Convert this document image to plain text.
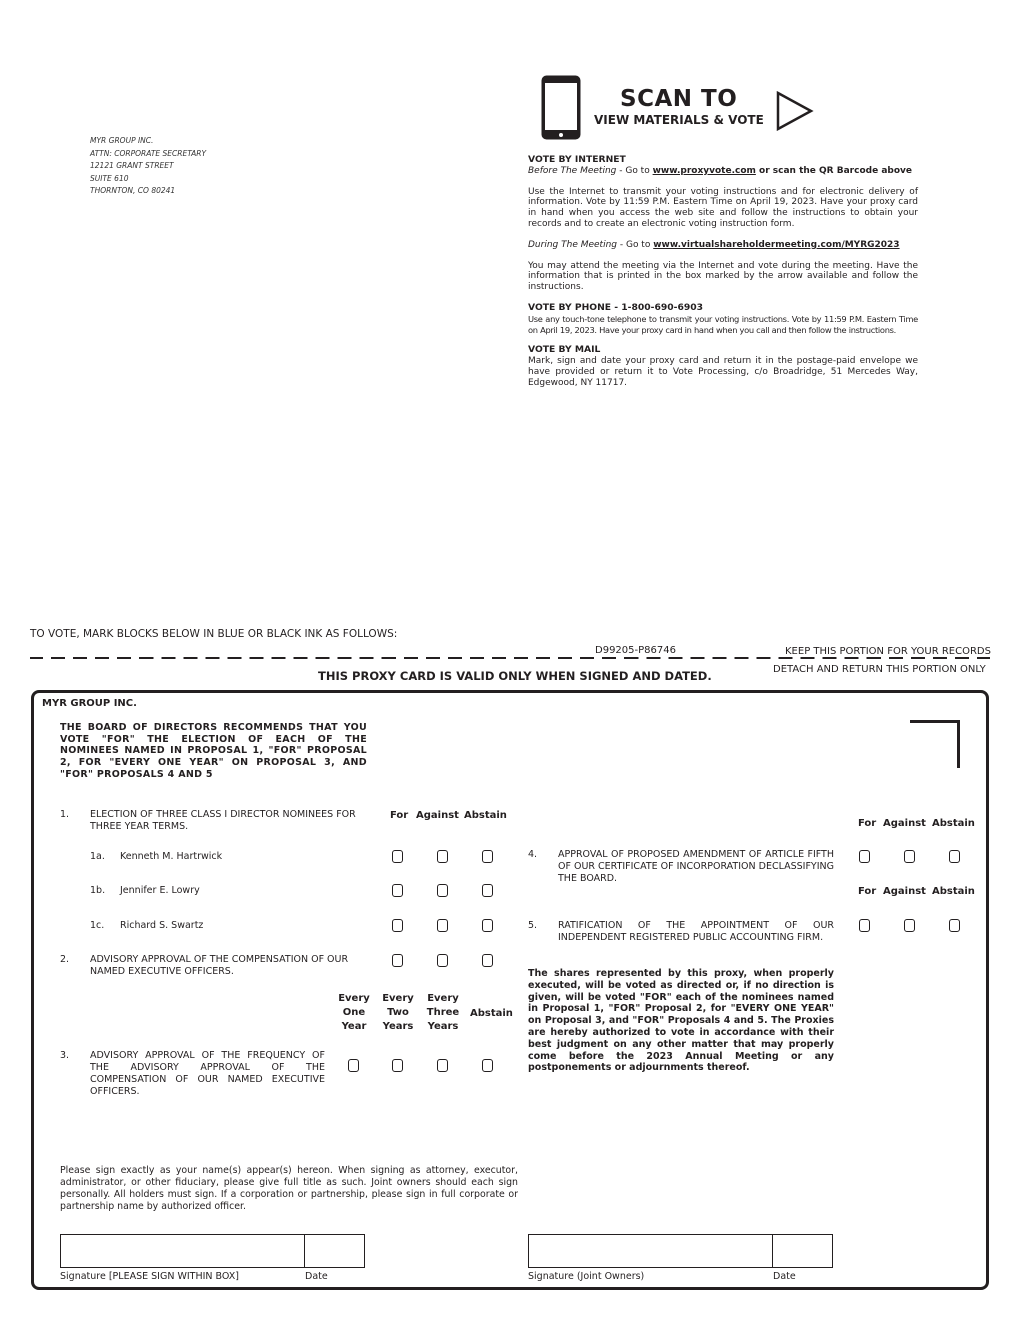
SCAN TO
VIEW MATERIALS & VOTE
MYR GROUP INC.
ATTN: CORPORATE SECRETARY
12121 GRANT STREET
SUITE 610
THORNTON, CO 80241
VOTE BY INTERNET

Before The Meeting - Go to www.proxyvote.com or scan the QR Barcode above

Use the Internet to transmit your voting instructions and for electronic delivery of information. Vote by 11:59 P.M. Eastern Time on April 19, 2023. Have your proxy card in hand when you access the web site and follow the instructions to obtain your records and to create an electronic voting instruction form.

During The Meeting - Go to www.virtualshareholdermeeting.com/MYRG2023

You may attend the meeting via the Internet and vote during the meeting. Have the information that is printed in the box marked by the arrow available and follow the instructions.

VOTE BY PHONE - 1-800-690-6903

Use any touch-tone telephone to transmit your voting instructions. Vote by 11:59 P.M. Eastern Time on April 19, 2023. Have your proxy card in hand when you call and then follow the instructions.

VOTE BY MAIL

Mark, sign and date your proxy card and return it in the postage-paid envelope we have provided or return it to Vote Processing, c/o Broadridge, 51 Mercedes Way, Edgewood, NY 11717.

TO VOTE, MARK BLOCKS BELOW IN BLUE OR BLACK INK AS FOLLOWS:
D99205-P86746	KEEP THIS PORTION FOR YOUR RECORDS
DETACH AND RETURN THIS PORTION ONLY
THIS PROXY CARD IS VALID ONLY WHEN SIGNED AND DATED.
MYR GROUP INC.
THE BOARD OF DIRECTORS RECOMMENDS THAT YOU VOTE "FOR" THE ELECTION OF EACH OF THE NOMINEES NAMED IN PROPOSAL 1, "FOR" PROPOSAL 2, FOR "EVERY ONE YEAR" ON PROPOSAL 3, AND "FOR" PROPOSALS 4 AND 5
1. ELECTION OF THREE CLASS I DIRECTOR NOMINEES FOR THREE YEAR TERMS.
For Against Abstain
1a. Kenneth M. Hartrwick
1b. Jennifer E. Lowry
1c. Richard S. Swartz
2. ADVISORY APPROVAL OF THE COMPENSATION OF OUR NAMED EXECUTIVE OFFICERS.
Every One Year
Every Two Years
Every Three Years
Abstain
3. ADVISORY APPROVAL OF THE FREQUENCY OF THE ADVISORY APPROVAL OF THE COMPENSATION OF OUR NAMED EXECUTIVE OFFICERS.
For Against Abstain
4. APPROVAL OF PROPOSED AMENDMENT OF ARTICLE FIFTH OF OUR CERTIFICATE OF INCORPORATION DECLASSIFYING THE BOARD.
For Against Abstain
5. RATIFICATION OF THE APPOINTMENT OF OUR INDEPENDENT REGISTERED PUBLIC ACCOUNTING FIRM.
The shares represented by this proxy, when properly executed, will be voted as directed or, if no direction is given, will be voted "FOR" each of the nominees named in Proposal 1, "FOR" Proposal 2, for "EVERY ONE YEAR" on Proposal 3, and "FOR" Proposals 4 and 5. The Proxies are hereby authorized to vote in accordance with their best judgment on any other matter that may properly come before the 2023 Annual Meeting or any postponements or adjournments thereof.
Please sign exactly as your name(s) appear(s) hereon. When signing as attorney, executor, administrator, or other fiduciary, please give full title as such. Joint owners should each sign personally. All holders must sign. If a corporation or partnership, please sign in full corporate or partnership name by authorized officer.
Signature [PLEASE SIGN WITHIN BOX]	Date	Signature (Joint Owners)	Date
